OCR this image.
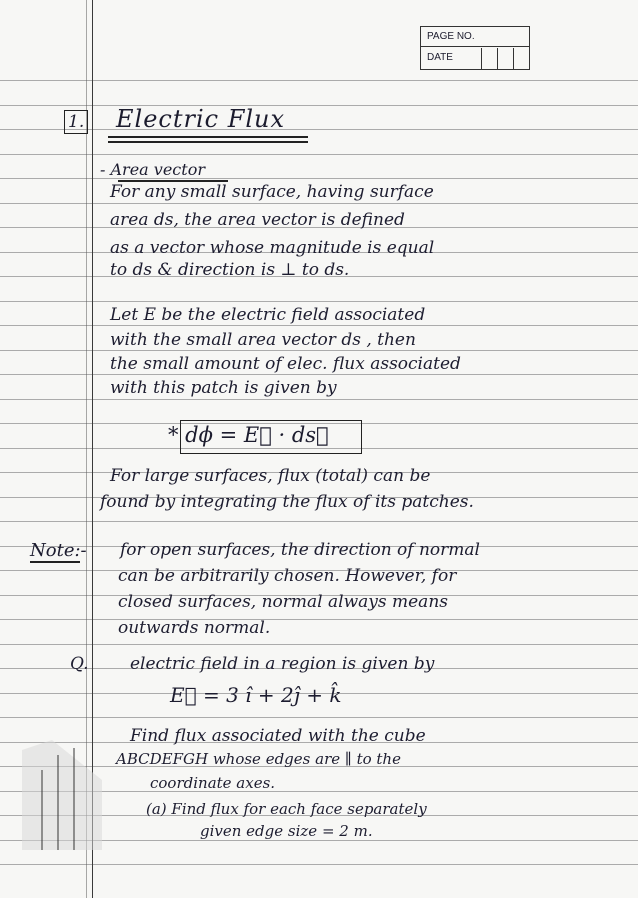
PAGE NO.
DATE
1. Electric Flux
- Area vector
For any small surface, having surface
area ds, the area vector is defined
as a vector whose magnitude is equal
to ds & direction is ⊥ to ds.
Let E be the electric field associated
with the small area vector ds , then
the small amount of elec. flux associated
with this patch is given by
* dϕ = E⃗ · ds⃗
For large surfaces, flux (total) can be
found by integrating the flux of its patches.
Note:- for open surfaces, the direction of normal
can be arbitrarily chosen. However, for
closed surfaces, normal always means
outwards normal.
Q. electric field in a region is given by
E⃗ = 3 î + 2ĵ + k̂
Find flux associated with the cube
ABCDEFGH whose edges are ∥ to the
coordinate axes.
(a) Find flux for each face separately
given edge size = 2 m.
